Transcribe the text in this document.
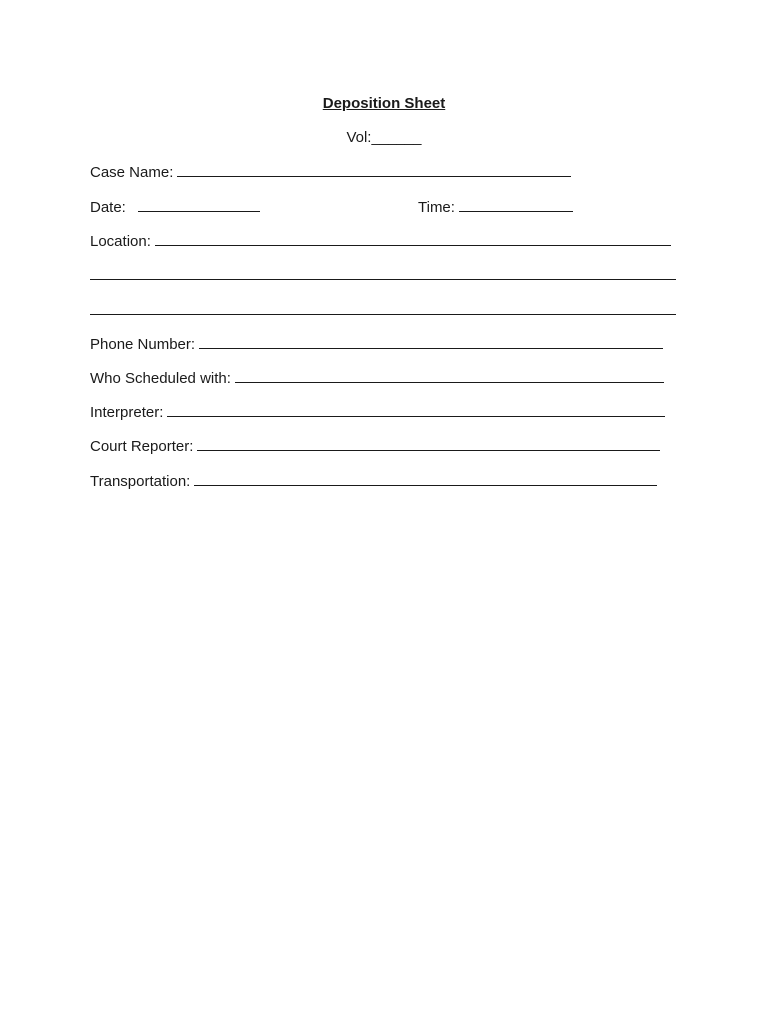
Deposition Sheet
Vol:______
Case Name:
Date:	Time:
Location:
Phone Number:
Who Scheduled with:
Interpreter:
Court Reporter:
Transportation:
